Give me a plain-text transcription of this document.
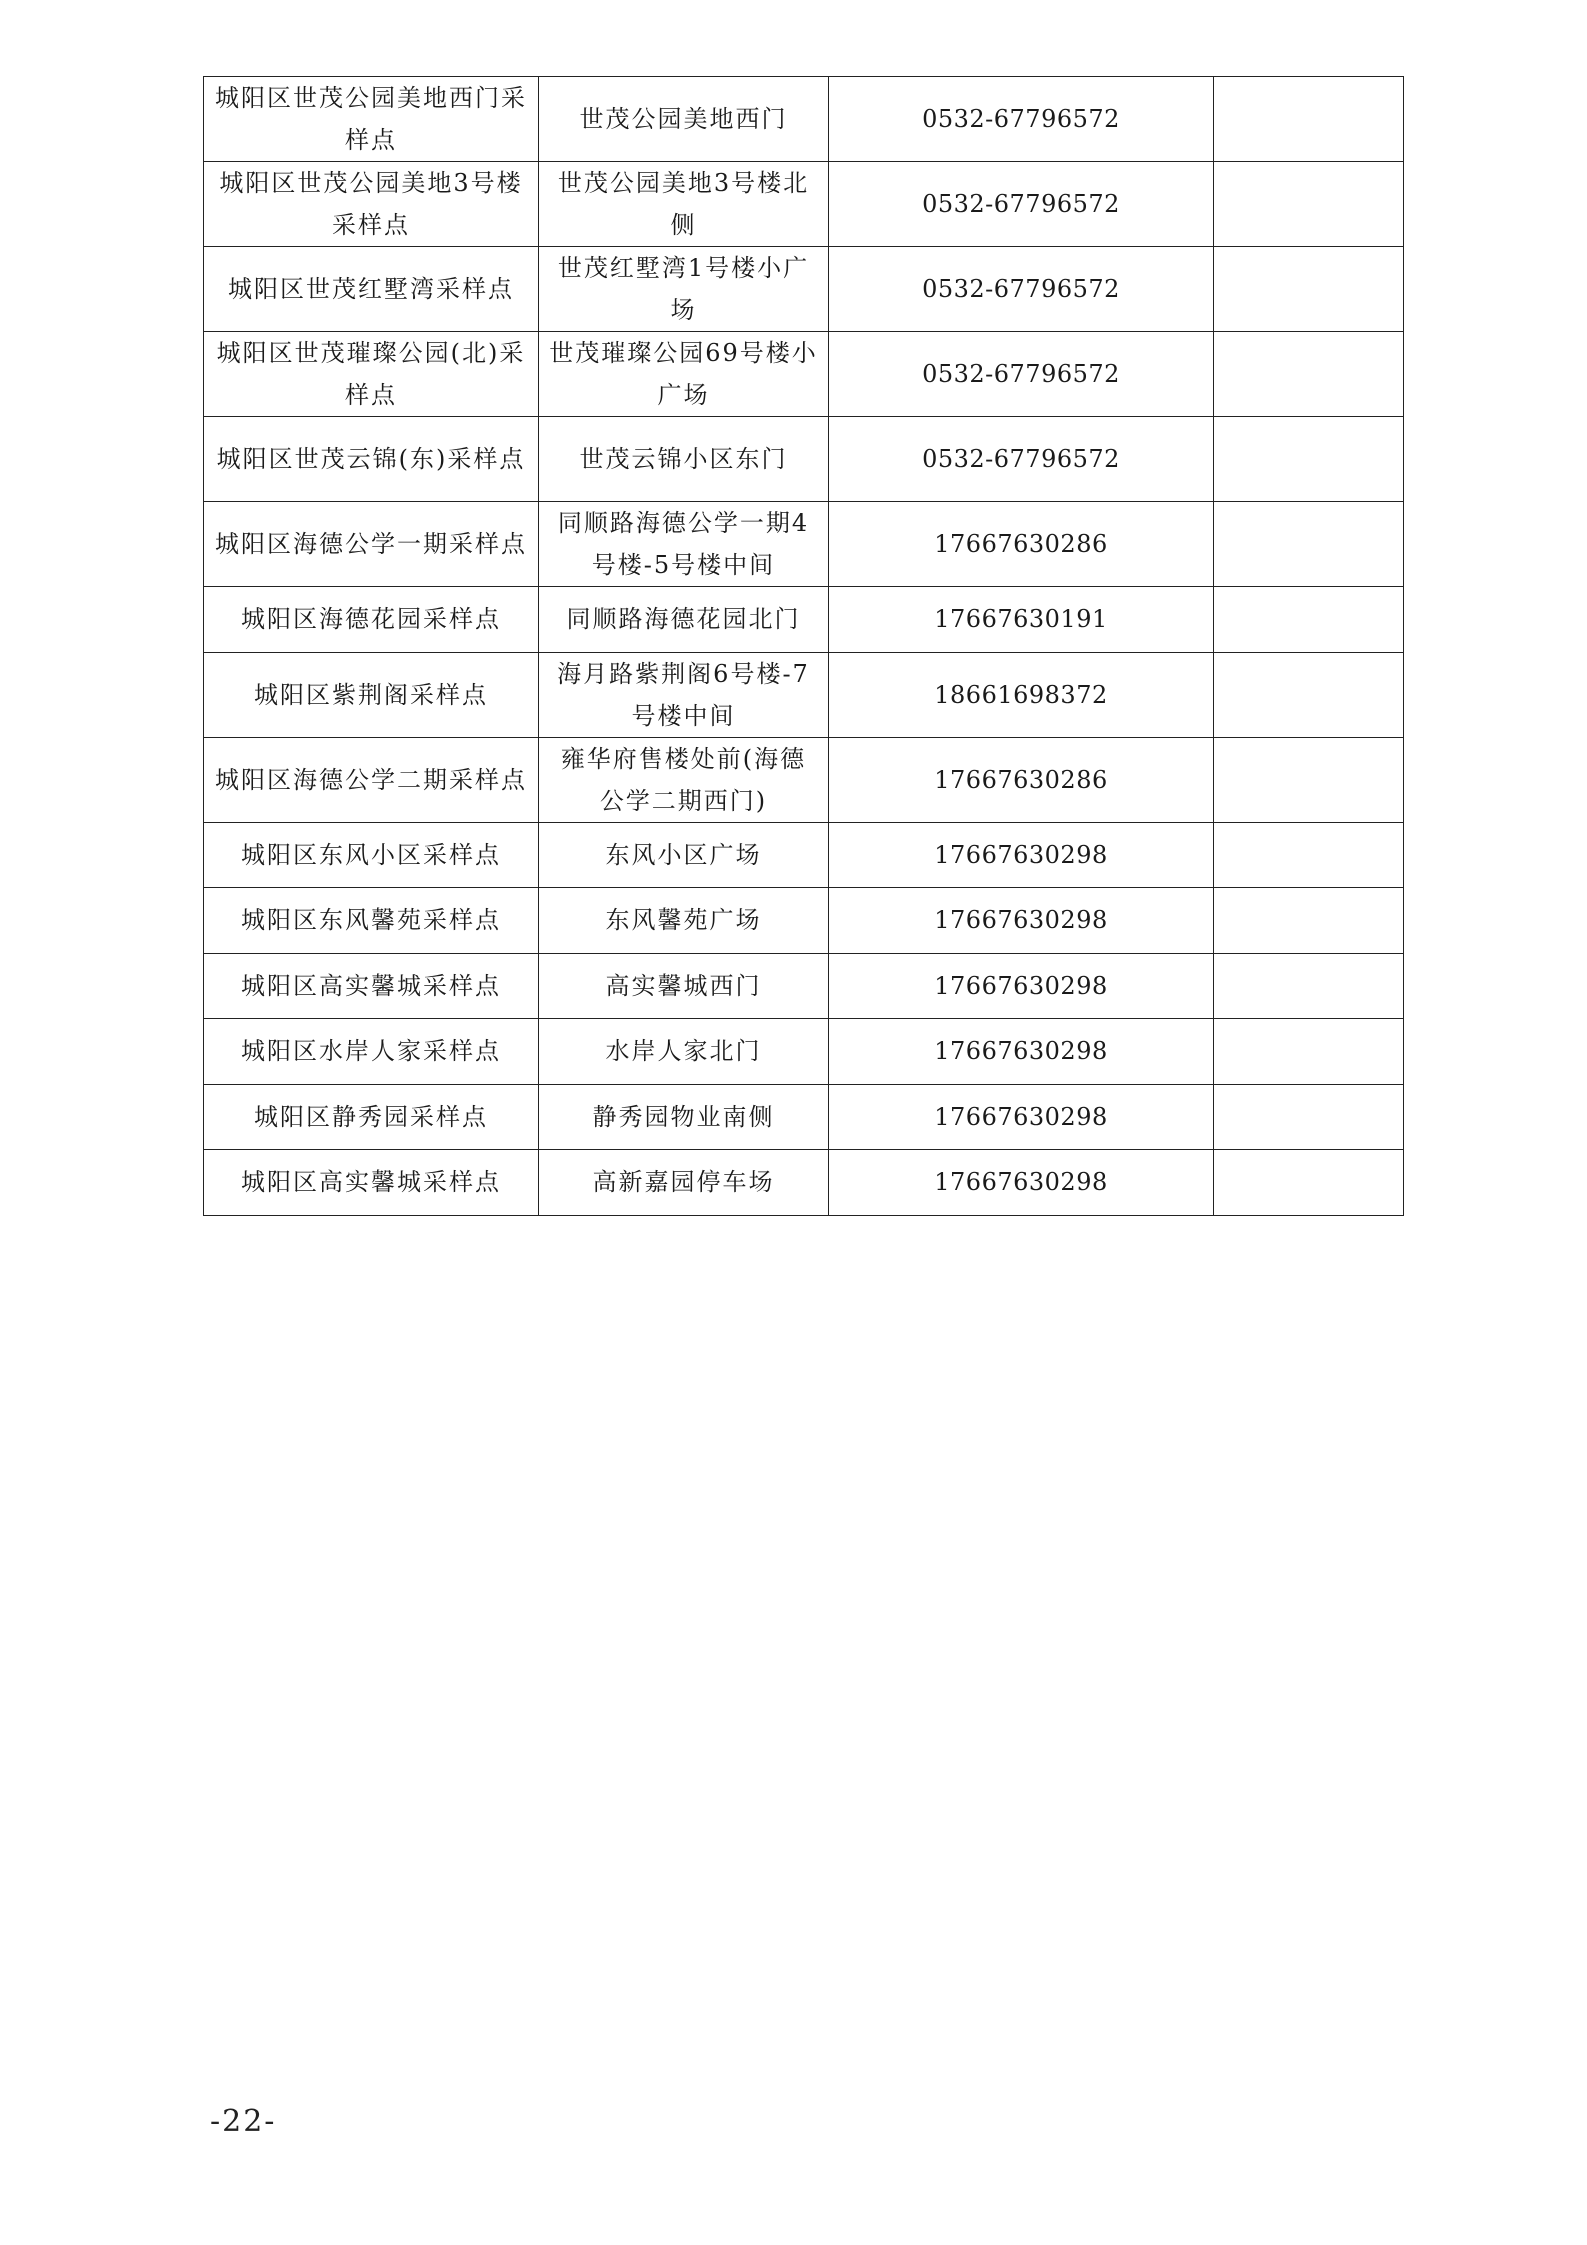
城阳区世茂公园美地西门采样点	世茂公园美地西门	0532-67796572	
城阳区世茂公园美地3号楼采样点	世茂公园美地3号楼北侧	0532-67796572	
城阳区世茂红墅湾采样点	世茂红墅湾1号楼小广场	0532-67796572	
城阳区世茂璀璨公园(北)采样点	世茂璀璨公园69号楼小广场	0532-67796572	
城阳区世茂云锦(东)采样点	世茂云锦小区东门	0532-67796572	
城阳区海德公学一期采样点	同顺路海德公学一期4号楼-5号楼中间	17667630286	
城阳区海德花园采样点	同顺路海德花园北门	17667630191	
城阳区紫荆阁采样点	海月路紫荆阁6号楼-7号楼中间	18661698372	
城阳区海德公学二期采样点	雍华府售楼处前(海德公学二期西门)	17667630286	
城阳区东风小区采样点	东风小区广场	17667630298	
城阳区东风馨苑采样点	东风馨苑广场	17667630298	
城阳区高实馨城采样点	高实馨城西门	17667630298	
城阳区水岸人家采样点	水岸人家北门	17667630298	
城阳区静秀园采样点	静秀园物业南侧	17667630298	
城阳区高实馨城采样点	高新嘉园停车场	17667630298	
-22-
